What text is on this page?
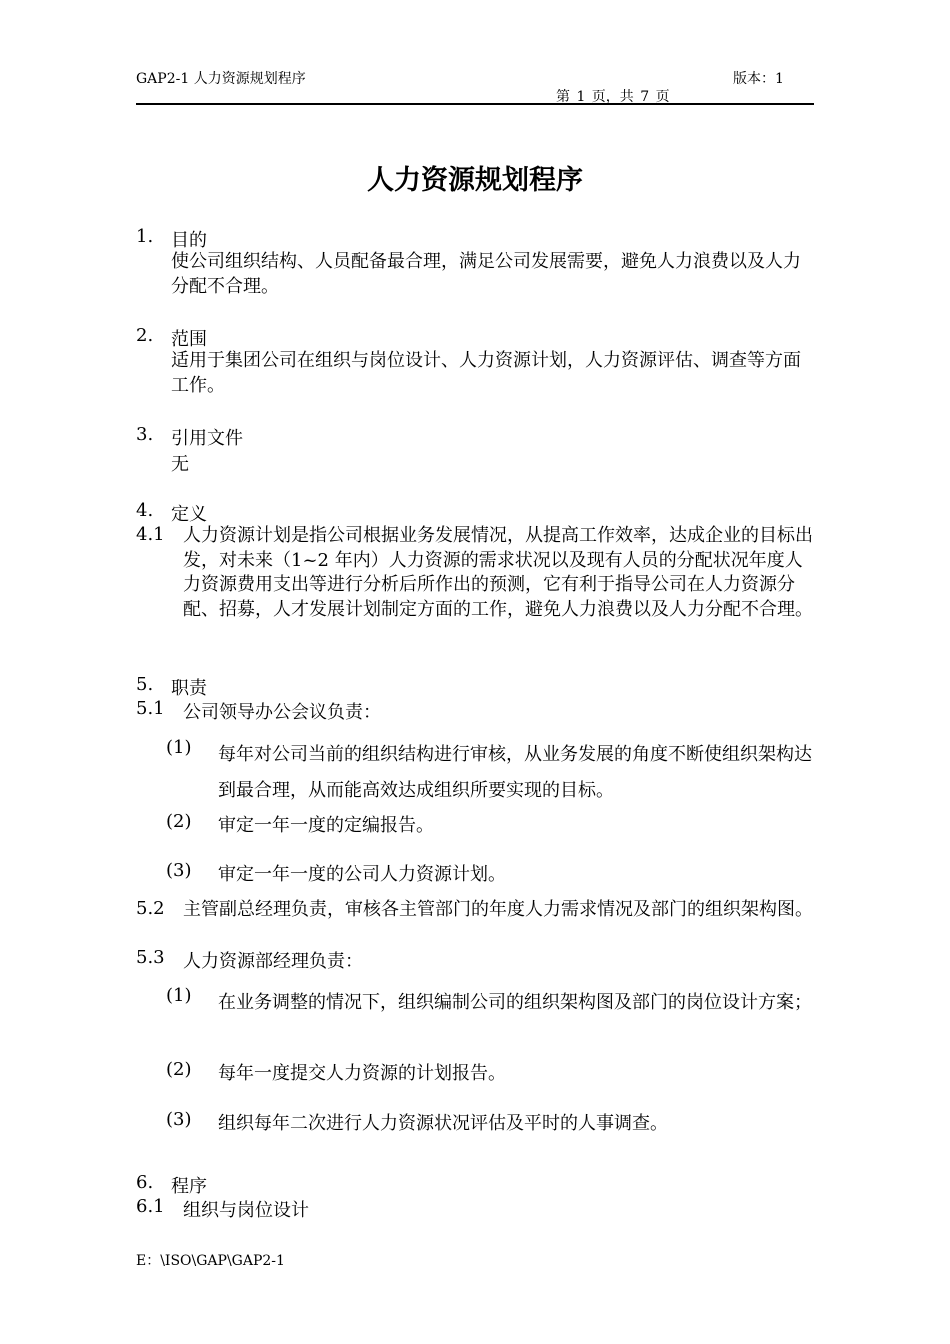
GAP2-1 人力资源规划程序	版本：1
第 1 页，共 7 页
人力资源规划程序
1. 目的
使公司组织结构、人员配备最合理，满足公司发展需要，避免人力浪费以及人力分配不合理。
2. 范围
适用于集团公司在组织与岗位设计、人力资源计划，人力资源评估、调查等方面工作。
3. 引用文件
无
4. 定义
4.1 人力资源计划是指公司根据业务发展情况，从提高工作效率，达成企业的目标出发，对未来（1~2 年内）人力资源的需求状况以及现有人员的分配状况年度人力资源费用支出等进行分析后所作出的预测，它有利于指导公司在人力资源分配、招募，人才发展计划制定方面的工作，避免人力浪费以及人力分配不合理。
5. 职责
5.1 公司领导办公会议负责：
(1) 每年对公司当前的组织结构进行审核，从业务发展的角度不断使组织架构达到最合理，从而能高效达成组织所要实现的目标。
(2) 审定一年一度的定编报告。
(3) 审定一年一度的公司人力资源计划。
5.2 主管副总经理负责，审核各主管部门的年度人力需求情况及部门的组织架构图。
5.3 人力资源部经理负责：
(1) 在业务调整的情况下，组织编制公司的组织架构图及部门的岗位设计方案；
(2) 每年一度提交人力资源的计划报告。
(3) 组织每年二次进行人力资源状况评估及平时的人事调查。
6. 程序
6.1 组织与岗位设计
E：\ISO\GAP\GAP2-1
